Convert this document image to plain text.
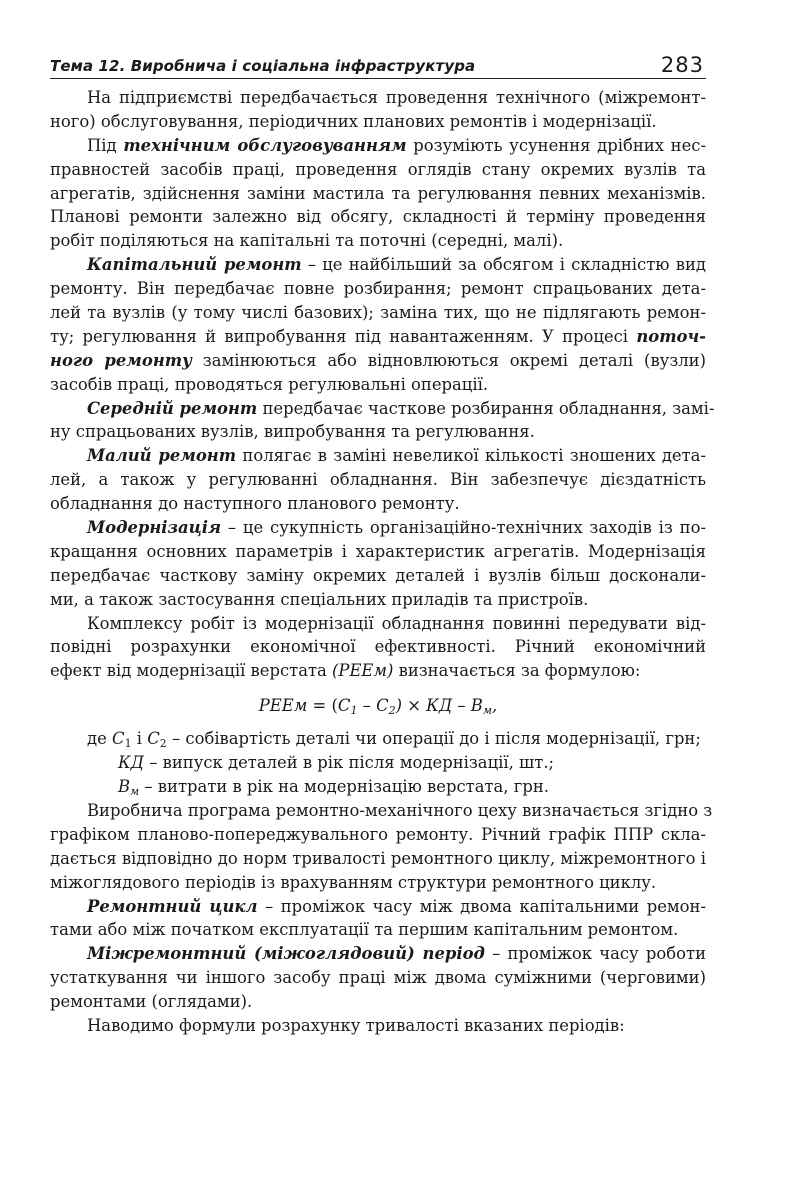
Тема 12. Виробнича і соціальна інфраструктура	283
На підприємстві передбачається проведення технічного (міжремонт-
ного) обслуговування, періодичних планових ремонтів і модернізації.
Під технічним обслуговуванням розуміють усунення дрібних нес-
правностей засобів праці, проведення оглядів стану окремих вузлів та
агрегатів, здійснення заміни мастила та регулювання певних механізмів.
Планові ремонти залежно від обсягу, складності й терміну проведення
робіт поділяються на капітальні та поточні (середні, малі).
Капітальний ремонт – це найбільший за обсягом і складністю вид
ремонту. Він передбачає повне розбирання; ремонт спрацьованих дета-
лей та вузлів (у тому числі базових); заміна тих, що не підлягають ремон-
ту; регулювання й випробування під навантаженням. У процесі поточ-
ного ремонту замінюються або відновлюються окремі деталі (вузли)
засобів праці, проводяться регулювальні операції.
Середній ремонт передбачає часткове розбирання обладнання, замі-
ну спрацьованих вузлів, випробування та регулювання.
Малий ремонт полягає в заміні невеликої кількості зношених дета-
лей, а також у регулюванні обладнання. Він забезпечує дієздатність
обладнання до наступного планового ремонту.
Модернізація – це сукупність організаційно-технічних заходів із по-
кращання основних параметрів і характеристик агрегатів. Модернізація
передбачає часткову заміну окремих деталей і вузлів більш досконали-
ми, а також застосування спеціальних приладів та пристроїв.
Комплексу робіт із модернізації обладнання повинні передувати від-
повідні розрахунки економічної ефективності. Річний економічний
ефект від модернізації верстата (РЕЕм) визначається за формулою:
РЕЕм = $(C_1 - C_2)$ × КД – $В_м$,
де $C_1$ і $C_2$ – собівартість деталі чи операції до і після модернізації, грн;
КД – випуск деталей в рік після модернізації, шт.;
$В_м$ – витрати в рік на модернізацію верстата, грн.
Виробнича програма ремонтно-механічного цеху визначається згідно з
графіком планово-попереджувального ремонту. Річний графік ППР скла-
дається відповідно до норм тривалості ремонтного циклу, міжремонтного і
міжоглядового періодів із врахуванням структури ремонтного циклу.
Ремонтний цикл – проміжок часу між двома капітальними ремон-
тами або між початком експлуатації та першим капітальним ремонтом.
Міжремонтний (міжоглядовий) період – проміжок часу роботи
устаткування чи іншого засобу праці між двома суміжними (черговими)
ремонтами (оглядами).
Наводимо формули розрахунку тривалості вказаних періодів:
